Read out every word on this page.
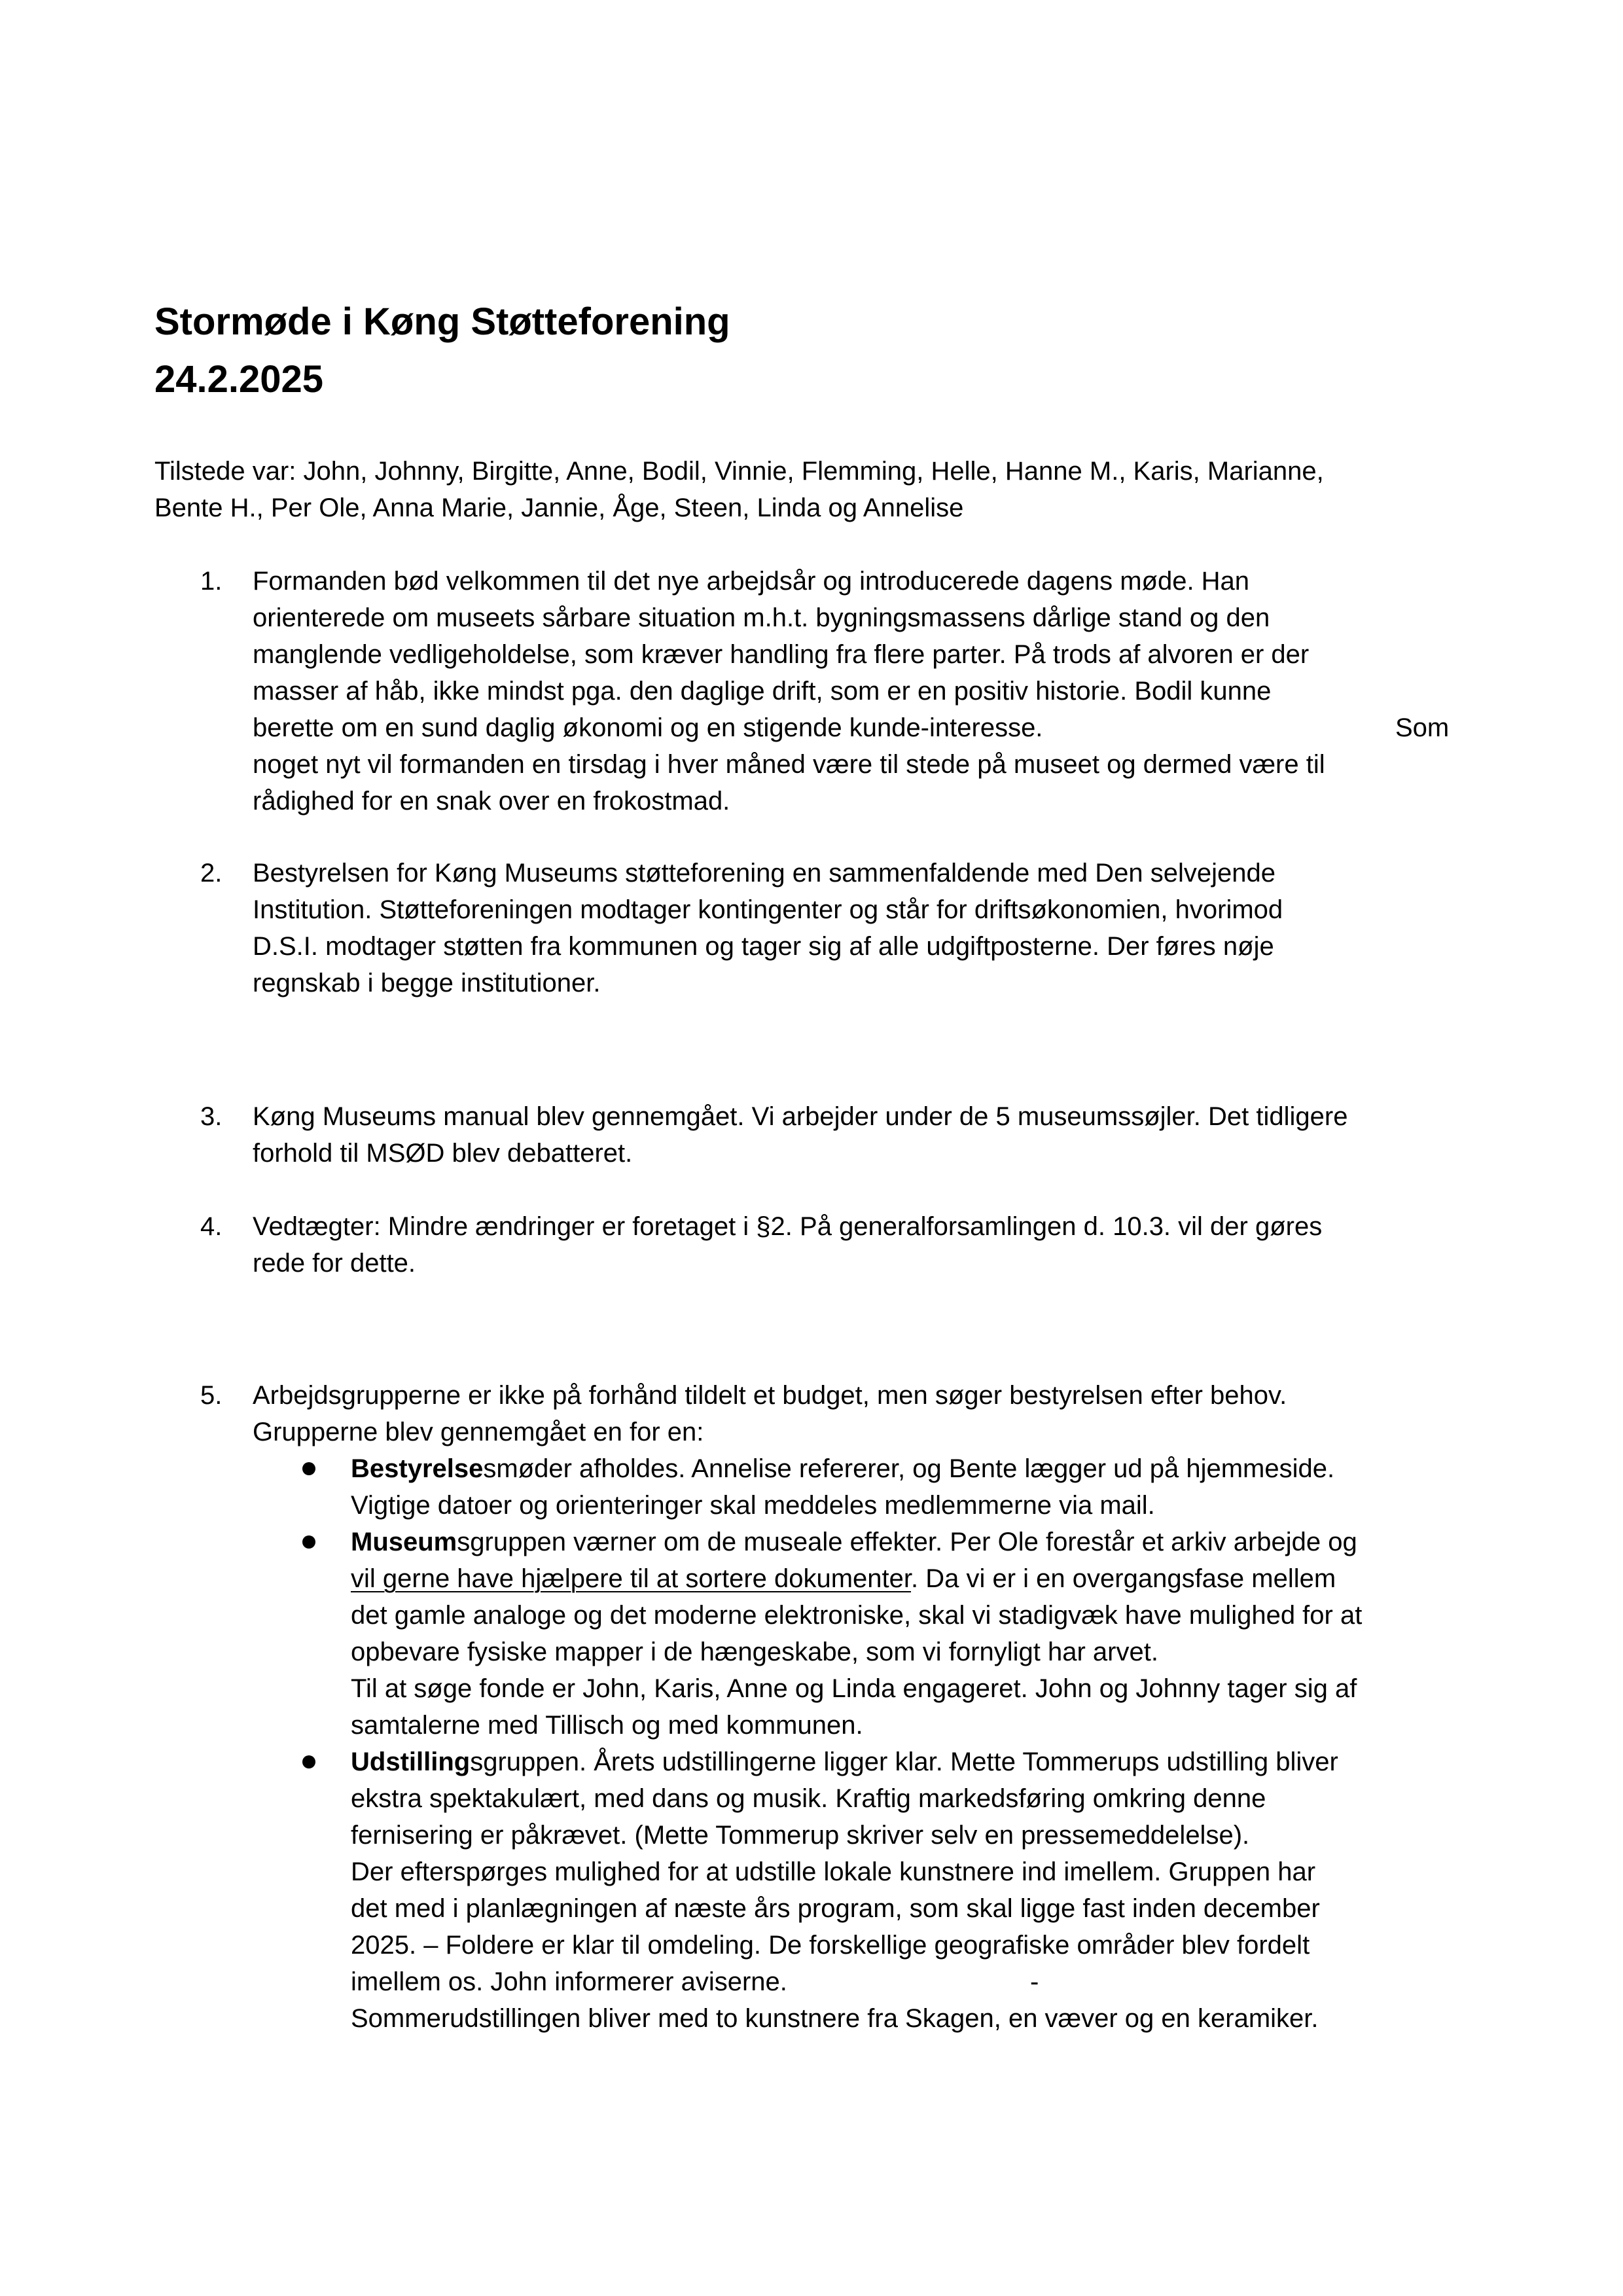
Stormøde i Køng Støtteforening
24.2.2025
Tilstede var: John, Johnny, Birgitte, Anne, Bodil, Vinnie, Flemming, Helle, Hanne M., Karis, Marianne,
Bente H., Per Ole, Anna Marie, Jannie, Åge, Steen, Linda og Annelise
1. Formanden bød velkommen til det nye arbejdsår og introducerede dagens møde. Han
orienterede om museets sårbare situation m.h.t. bygningsmassens dårlige stand og den
manglende vedligeholdelse, som kræver handling fra flere parter. På trods af alvoren er der
masser af håb, ikke mindst pga. den daglige drift, som er en positiv historie. Bodil kunne
berette om en sund daglig økonomi og en stigende kunde-interesse.	Som
noget nyt vil formanden en tirsdag i hver måned være til stede på museet og dermed være til
rådighed for en snak over en frokostmad.
2. Bestyrelsen for Køng Museums støtteforening en sammenfaldende med Den selvejende
Institution. Støtteforeningen modtager kontingenter og står for driftsøkonomien, hvorimod
D.S.I. modtager støtten fra kommunen og tager sig af alle udgiftposterne. Der føres nøje
regnskab i begge institutioner.
3. Køng Museums manual blev gennemgået. Vi arbejder under de 5 museumssøjler. Det tidligere
forhold til MSØD blev debatteret.
4. Vedtægter: Mindre ændringer er foretaget i §2. På generalforsamlingen d. 10.3. vil der gøres
rede for dette.
5. Arbejdsgrupperne er ikke på forhånd tildelt et budget, men søger bestyrelsen efter behov.
Grupperne blev gennemgået en for en:
Bestyrelsesmøder afholdes. Annelise refererer, og Bente lægger ud på hjemmeside.
Vigtige datoer og orienteringer skal meddeles medlemmerne via mail.
Museumsgruppen værner om de museale effekter. Per Ole forestår et arkiv arbejde og
vil gerne have hjælpere til at sortere dokumenter. Da vi er i en overgangsfase mellem
det gamle analoge og det moderne elektroniske, skal vi stadigvæk have mulighed for at
opbevare fysiske mapper i de hængeskabe, som vi fornyligt har arvet.
Til at søge fonde er John, Karis, Anne og Linda engageret. John og Johnny tager sig af
samtalerne med Tillisch og med kommunen.
Udstillingsgruppen. Årets udstillingerne ligger klar. Mette Tommerups udstilling bliver
ekstra spektakulært, med dans og musik. Kraftig markedsføring omkring denne
fernisering er påkrævet. (Mette Tommerup skriver selv en pressemeddelelse).
Der efterspørges mulighed for at udstille lokale kunstnere ind imellem. Gruppen har
det med i planlægningen af næste års program, som skal ligge fast inden december
2025. – Foldere er klar til omdeling. De forskellige geografiske områder blev fordelt
imellem os. John informerer aviserne.	-
Sommerudstillingen bliver med to kunstnere fra Skagen, en væver og en keramiker.
